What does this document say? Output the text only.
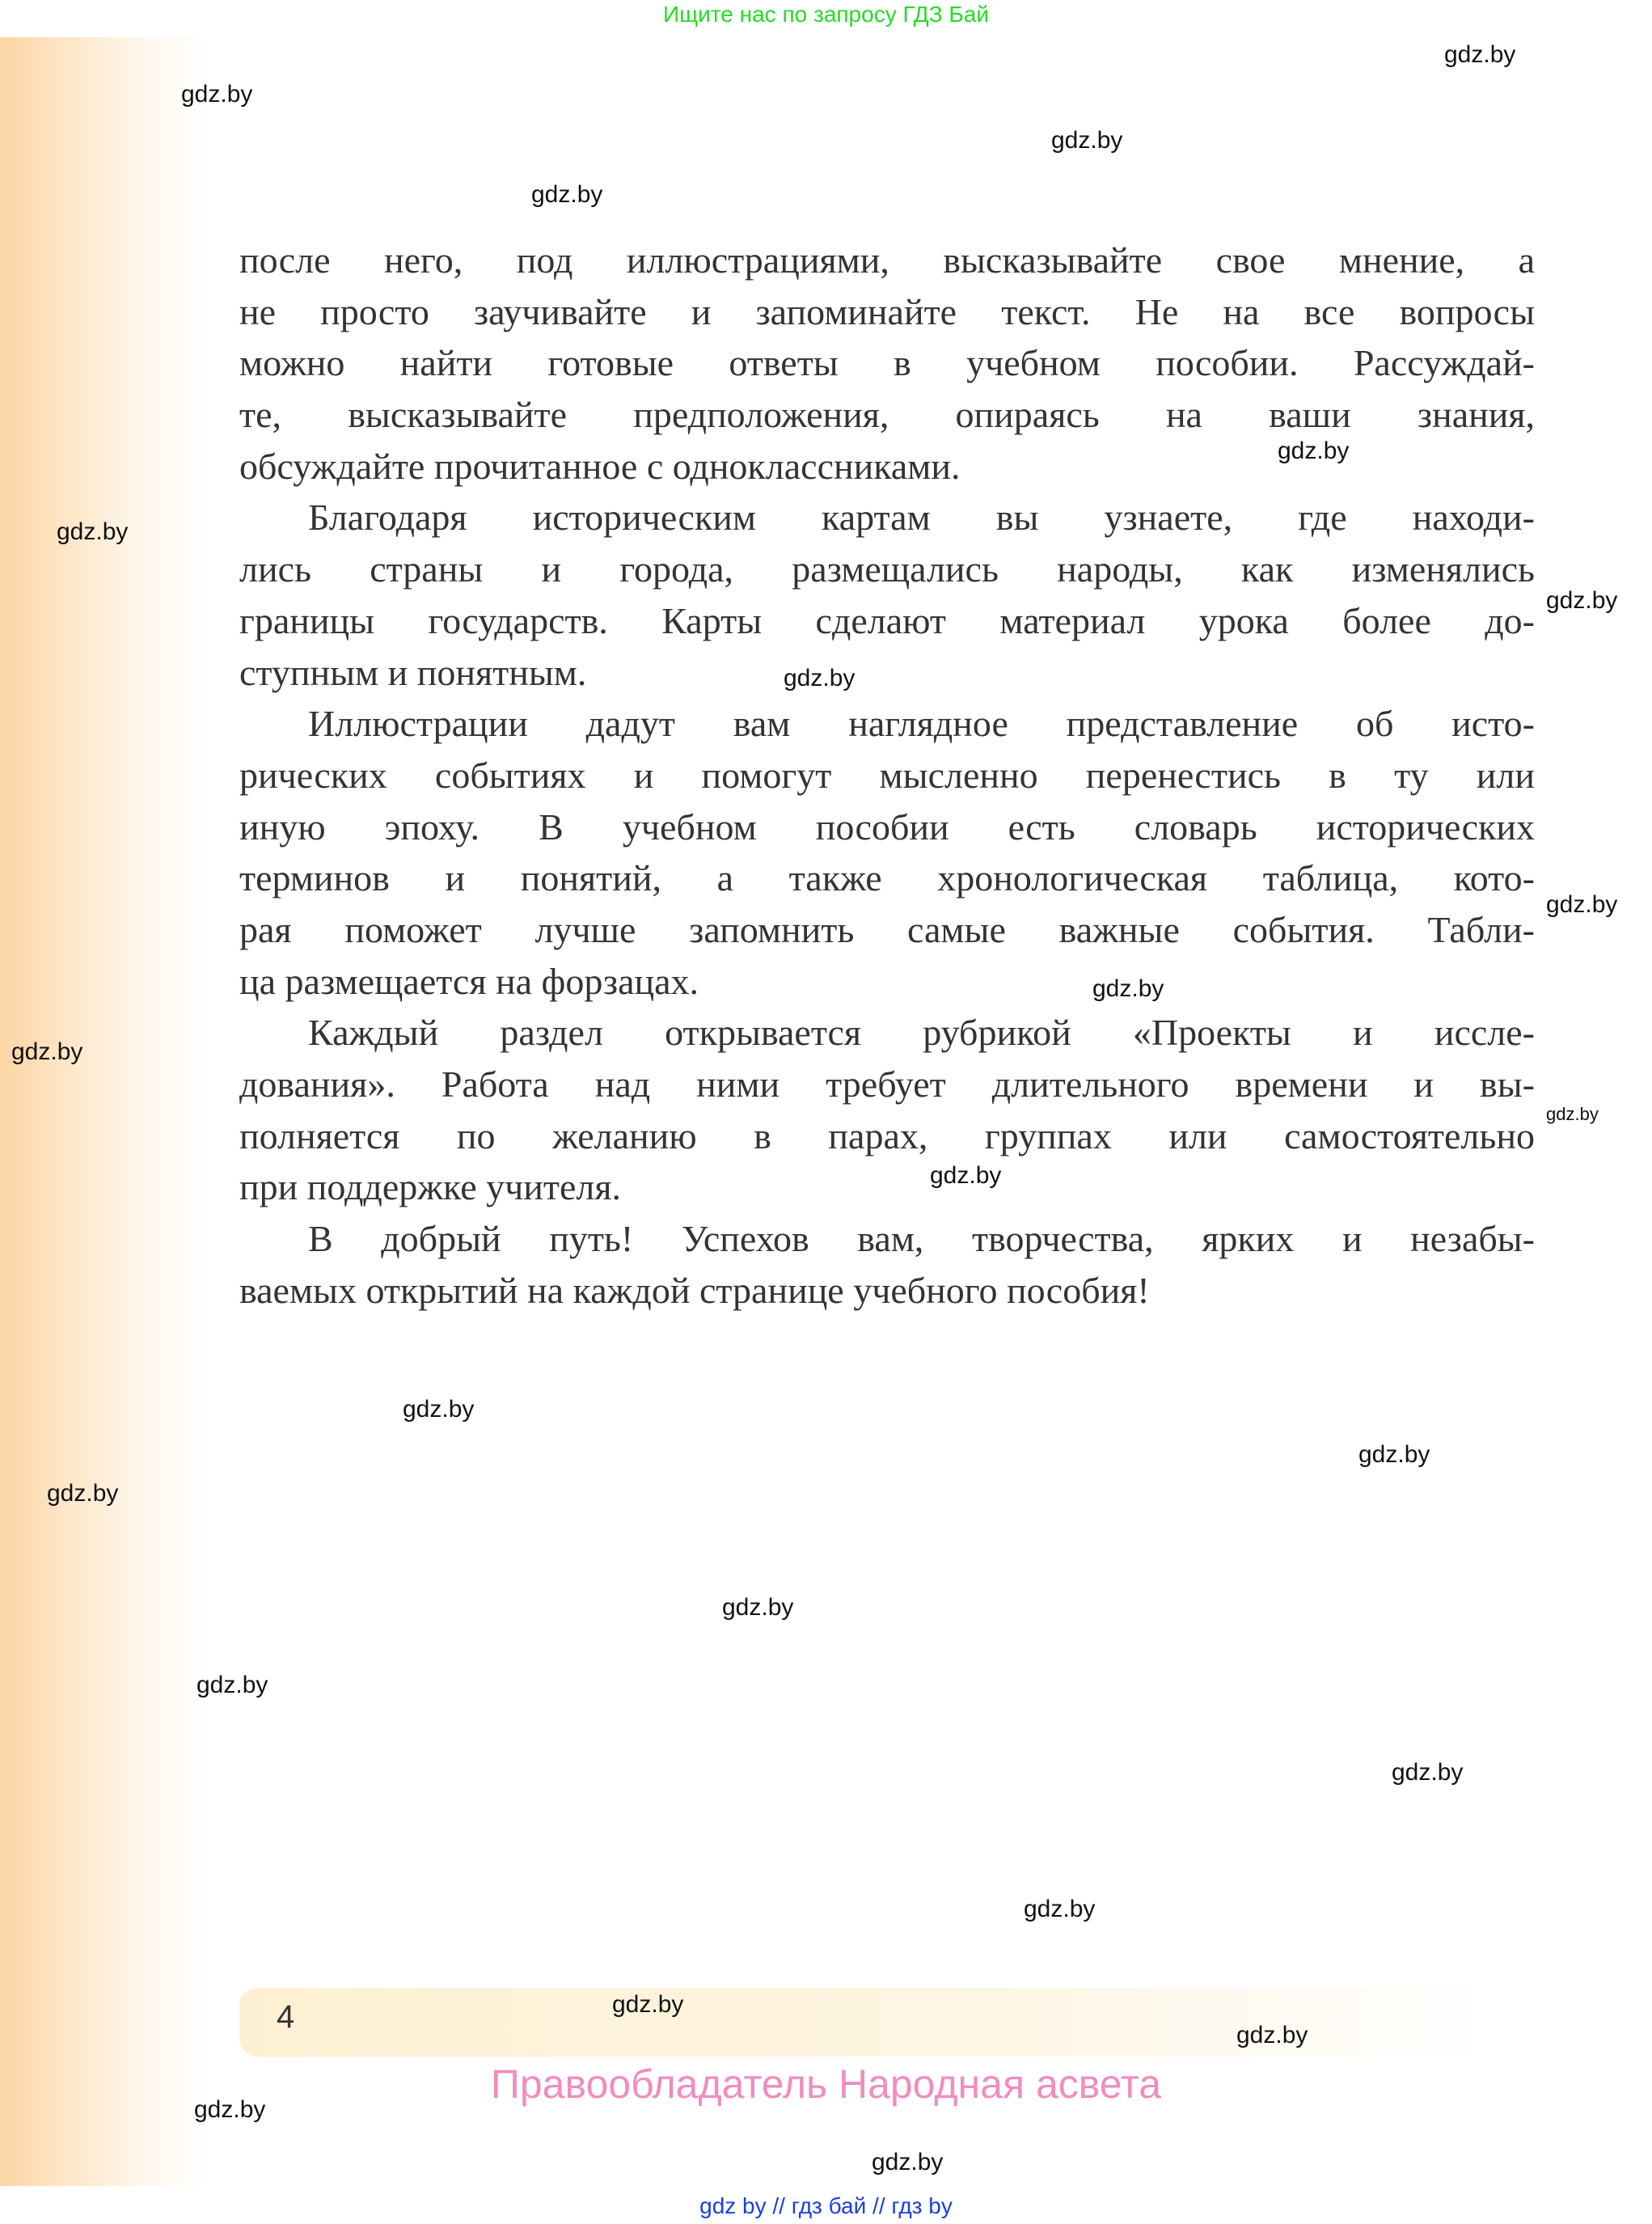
Ищите нас по запросу ГДЗ Бай
после него, под иллюстрациями, высказывайте свое мнение, а
не просто заучивайте и запоминайте текст. Не на все вопросы
можно найти готовые ответы в учебном пособии. Рассуждай-
те, высказывайте предположения, опираясь на ваши знания,
обсуждайте прочитанное с одноклассниками.
Благодаря историческим картам вы узнаете, где находи-
лись страны и города, размещались народы, как изменялись
границы государств. Карты сделают материал урока более до-
ступным и понятным.
Иллюстрации дадут вам наглядное представление об исто-
рических событиях и помогут мысленно перенестись в ту или
иную эпоху. В учебном пособии есть словарь исторических
терминов и понятий, а также хронологическая таблица, кото-
рая поможет лучше запомнить самые важные события. Табли-
ца размещается на форзацах.
Каждый раздел открывается рубрикой «Проекты и иссле-
дования». Работа над ними требует длительного времени и вы-
полняется по желанию в парах, группах или самостоятельно
при поддержке учителя.
В добрый путь! Успехов вам, творчества, ярких и незабы-
ваемых открытий на каждой странице учебного пособия!
4
Правообладатель Народная асвета
gdz by // гдз бай // гдз by
gdz.by
gdz.by
gdz.by
gdz.by
gdz.by
gdz.by
gdz.by
gdz.by
gdz.by
gdz.by
gdz.by
gdz.by
gdz.by
gdz.by
gdz.by
gdz.by
gdz.by
gdz.by
gdz.by
gdz.by
gdz.by
gdz.by
gdz.by
gdz.by
